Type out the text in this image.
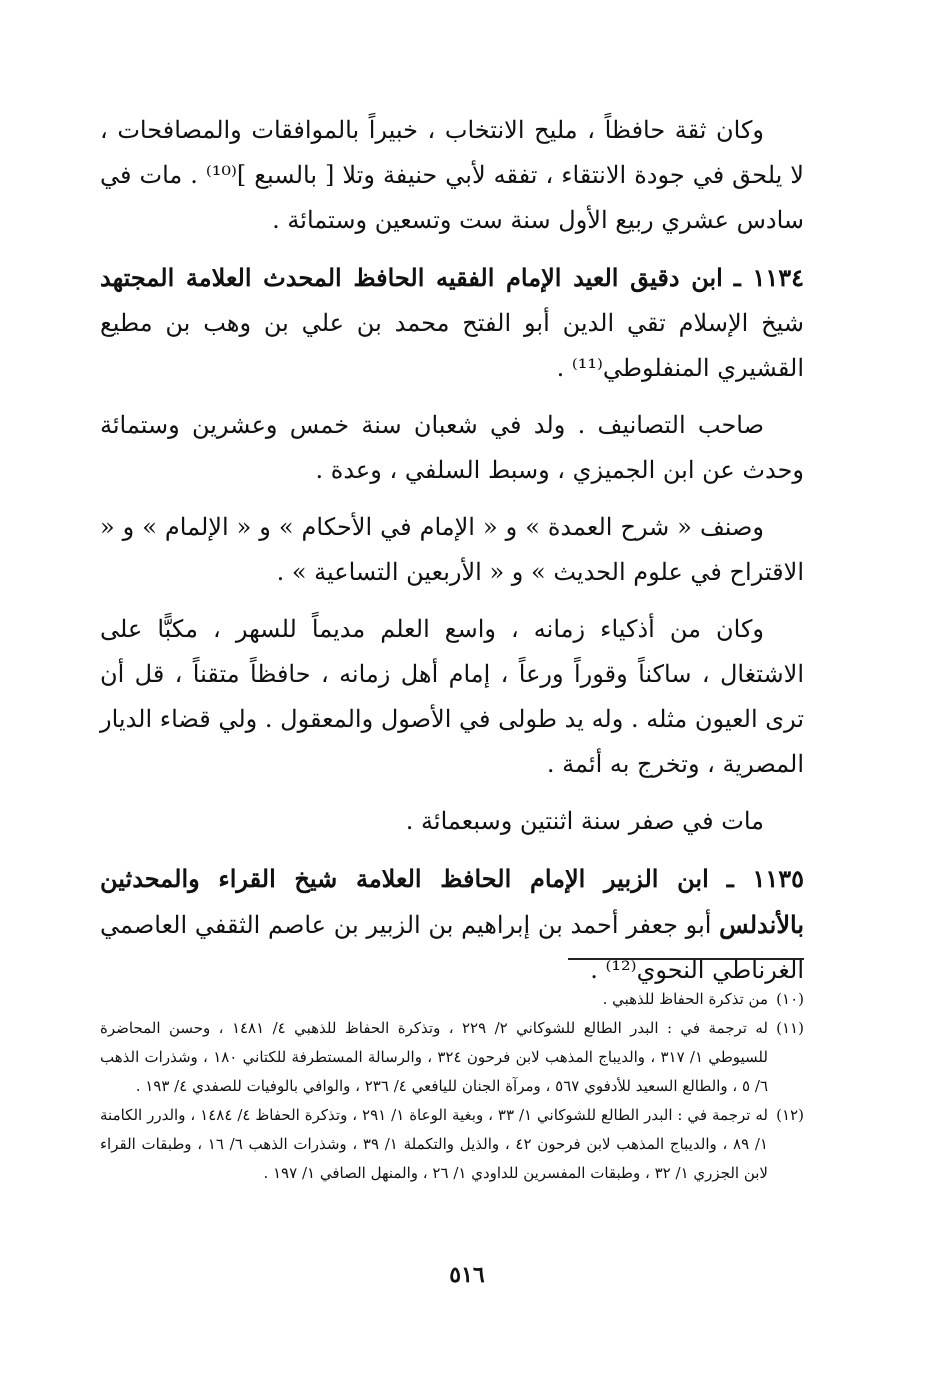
وكان ثقة حافظاً ، مليح الانتخاب ، خبيراً بالموافقات والمصافحات ، لا يلحق في جودة الانتقاء ، تفقه لأبي حنيفة وتلا [ بالسبع ]⁽¹⁰⁾ . مات في سادس عشري ربيع الأول سنة ست وتسعين وستمائة .

١١٣٤ ـ ابن دقيق العيد الإمام الفقيه الحافظ المحدث العلامة المجتهد شيخ الإسلام تقي الدين أبو الفتح محمد بن علي بن وهب بن مطيع القشيري المنفلوطي⁽¹¹⁾ .

صاحب التصانيف . ولد في شعبان سنة خمس وعشرين وستمائة وحدث عن ابن الجميزي ، وسبط السلفي ، وعدة .

وصنف « شرح العمدة » و « الإمام في الأحكام » و « الإلمام » و « الاقتراح في علوم الحديث » و « الأربعين التساعية » .

وكان من أذكياء زمانه ، واسع العلم مديماً للسهر ، مكبًّا على الاشتغال ، ساكناً وقوراً ورعاً ، إمام أهل زمانه ، حافظاً متقناً ، قل أن ترى العيون مثله . وله يد طولى في الأصول والمعقول . ولي قضاء الديار المصرية ، وتخرج به أئمة .

مات في صفر سنة اثنتين وسبعمائة .

١١٣٥ ـ ابن الزبير الإمام الحافظ العلامة شيخ القراء والمحدثين بالأندلس أبو جعفر أحمد بن إبراهيم بن الزبير بن عاصم الثقفي العاصمي الغرناطي النحوي⁽¹²⁾ .

(١٠)من تذكرة الحفاظ للذهبي .

(١١)له ترجمة في : البدر الطالع للشوكاني ٢/ ٢٢٩ ، وتذكرة الحفاظ للذهبي ٤/ ١٤٨١ ، وحسن المحاضرة للسيوطي ١/ ٣١٧ ، والديباج المذهب لابن فرحون ٣٢٤ ، والرسالة المستطرفة للكتاني ١٨٠ ، وشذرات الذهب ٦/ ٥ ، والطالع السعيد للأدفوي ٥٦٧ ، ومرآة الجنان لليافعي ٤/ ٢٣٦ ، والوافي بالوفيات للصفدي ٤/ ١٩٣ .

(١٢)له ترجمة في : البدر الطالع للشوكاني ١/ ٣٣ ، وبغية الوعاة ١/ ٢٩١ ، وتذكرة الحفاظ ٤/ ١٤٨٤ ، والدرر الكامنة ١/ ٨٩ ، والديباج المذهب لابن فرحون ٤٢ ، والذيل والتكملة ١/ ٣٩ ، وشذرات الذهب ٦/ ١٦ ، وطبقات القراء لابن الجزري ١/ ٣٢ ، وطبقات المفسرين للداودي ١/ ٢٦ ، والمنهل الصافي ١/ ١٩٧ .

٥١٦
